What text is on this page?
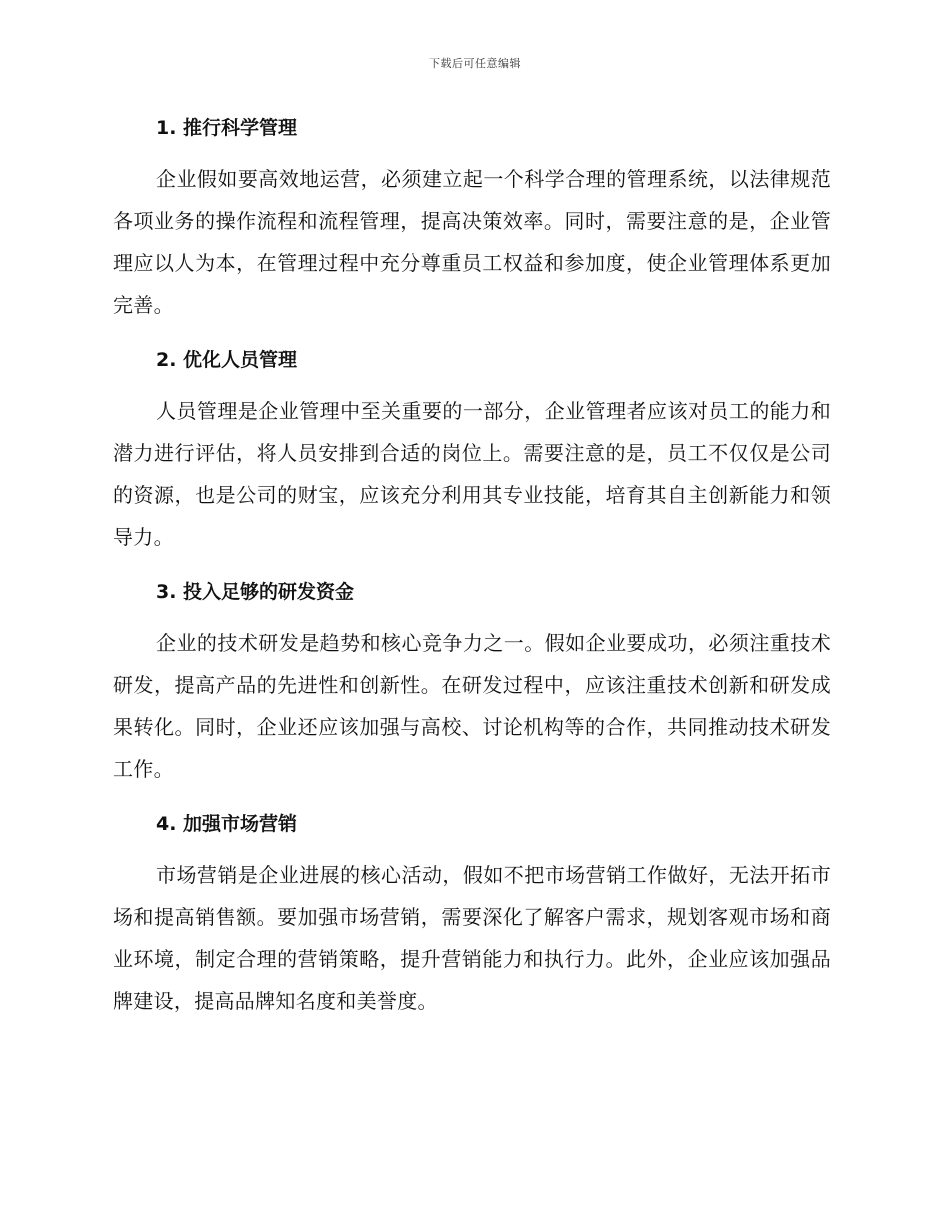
下载后可任意编辑
1. 推行科学管理

企业假如要高效地运营，必须建立起一个科学合理的管理系统，以法律规范各项业务的操作流程和流程管理，提高决策效率。同时，需要注意的是，企业管理应以人为本，在管理过程中充分尊重员工权益和参加度，使企业管理体系更加完善。

2. 优化人员管理

人员管理是企业管理中至关重要的一部分，企业管理者应该对员工的能力和潜力进行评估，将人员安排到合适的岗位上。需要注意的是，员工不仅仅是公司的资源，也是公司的财宝，应该充分利用其专业技能，培育其自主创新能力和领导力。

3. 投入足够的研发资金

企业的技术研发是趋势和核心竞争力之一。假如企业要成功，必须注重技术研发，提高产品的先进性和创新性。在研发过程中，应该注重技术创新和研发成果转化。同时，企业还应该加强与高校、讨论机构等的合作，共同推动技术研发工作。

4. 加强市场营销

市场营销是企业进展的核心活动，假如不把市场营销工作做好，无法开拓市场和提高销售额。要加强市场营销，需要深化了解客户需求，规划客观市场和商业环境，制定合理的营销策略，提升营销能力和执行力。此外，企业应该加强品牌建设，提高品牌知名度和美誉度。
